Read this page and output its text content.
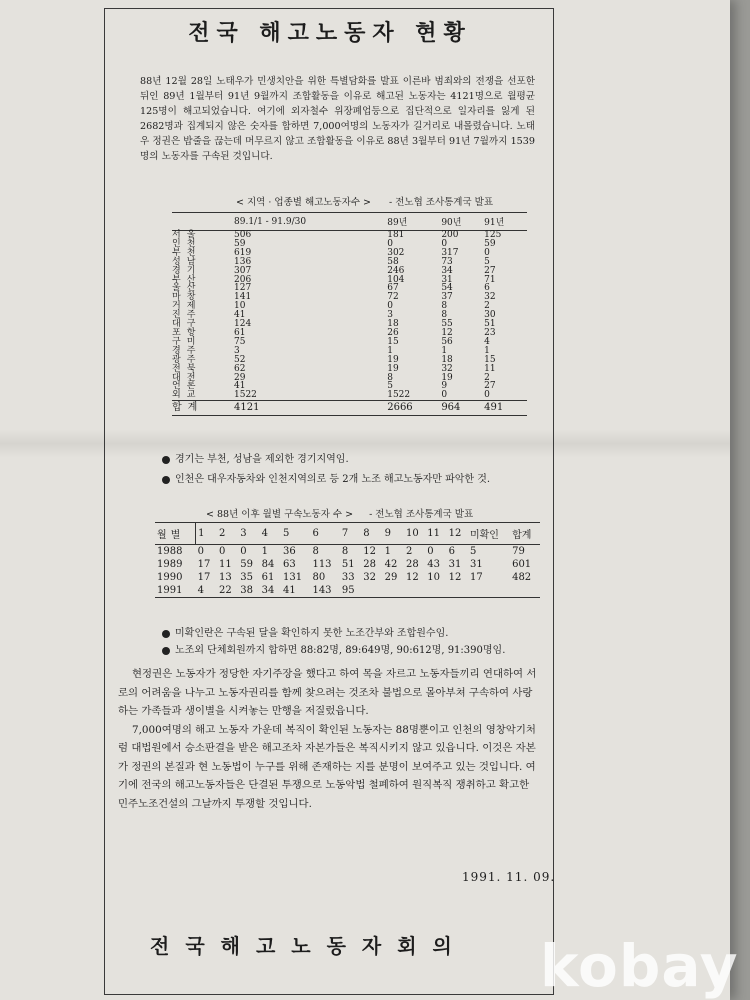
전국 해고노동자 현황
88년 12월 28일 노태우가 민생치안을 위한 특별담화를 발표 이른바 범죄와의 전쟁을 선포한 뒤인 89년 1월부터 91년 9월까지 조합활동을 이유로 해고된 노동자는 4121명으로 월평균 125명이 해고되었습니다. 여기에 외자철수 위장폐업등으로 집단적으로 일자리를 잃게 된 2682명과 집계되지 않은 숫자를 합하면 7,000여명의 노동자가 길거리로 내몰렸습니다. 노태우 정권은 밥줄을 끊는데 머무르지 않고 조합활동을 이유로 88년 3월부터 91년 7월까지 1539명의 노동자를 구속된 것입니다.
< 지역 · 업종별 해고노동자수 > - 전노협 조사통계국 발표
	89.1/1 - 91.9/30	89년	90년	91년
서울	506	181	200	125
인천	59	0	0	59
부천	619	302	317	0
성남	136	58	73	5
경기	307	246	34	27
부산	206	104	31	71
울산	127	67	54	6
마창	141	72	37	32
거제	10	0	8	2
진주	41	3	8	30
대구	124	18	55	51
포항	61	26	12	23
구미	75	15	56	4
경주	3	1	1	1
광주	52	19	18	15
전북	62	19	32	11
대전	29	8	19	2
언론	41	5	9	27
외교	1522	1522	0	0
합계	4121	2666	964	491
경기는 부천, 성남을 제외한 경기지역임.
인천은 대우자동차와 인천지역의로 등 2개 노조 해고노동자만 파악한 것.
< 88년 이후 월별 구속노동자 수 > - 전노협 조사통계국 발표
월별	1	2	3	4	5	6	7	8	9	10	11	12	미확인	합계
1988	0	0	0	1	36	8	8	12	1	2	0	6	5	79
1989	17	11	59	84	63	113	51	28	42	28	43	31	31	601
1990	17	13	35	61	131	80	33	32	29	12	10	12	17	482
1991	4	22	38	34	41	143	95							
미확인란은 구속된 달을 확인하지 못한 노조간부와 조합원수임.
노조외 단체회원까지 합하면 88:82명, 89:649명, 90:612명, 91:390명임.

현정권은 노동자가 정당한 자기주장을 했다고 하여 목을 자르고 노동자들끼리 연대하여 서로의 어려움을 나누고 노동자권리를 함께 찾으려는 것조차 불법으로 몰아부쳐 구속하여 사랑하는 가족들과 생이별을 시켜놓는 만행을 저질렀읍니다.

7,000여명의 해고 노동자 가운데 복직이 확인된 노동자는 88명뿐이고 인천의 영창악기처럼 대법원에서 승소판결을 받은 해고조차 자본가들은 복직시키지 않고 있읍니다. 이것은 자본가 정권의 본질과 현 노동법이 누구를 위해 존재하는 지를 분명이 보여주고 있는 것입니다. 여기에 전국의 해고노동자들은 단결된 투쟁으로 노동악법 철폐하여 원직복직 쟁취하고 확고한 민주노조건설의 그날까지 투쟁할 것입니다.

1991. 11. 09.
전국해고노동자회의 kobay
